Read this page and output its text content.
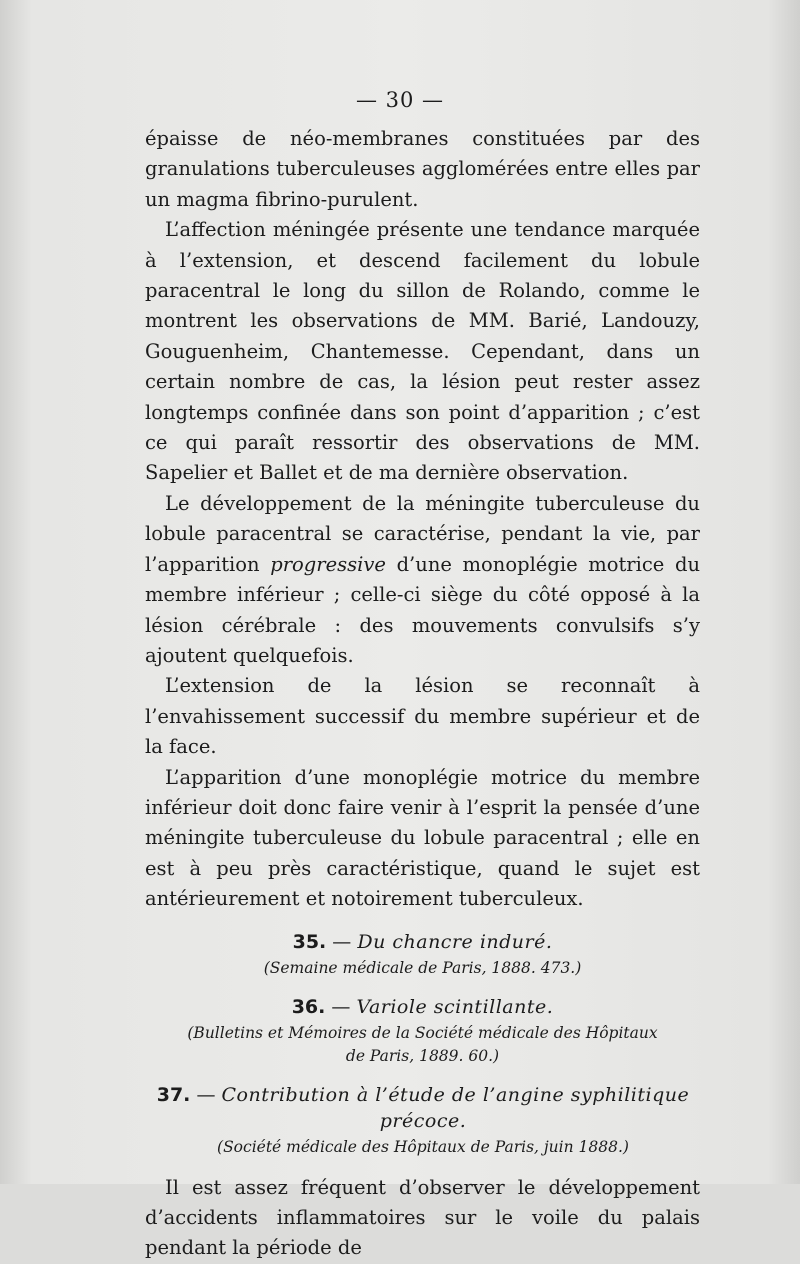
— 30 —

épaisse de néo-membranes constituées par des granulations tuberculeuses agglomérées entre elles par un magma fibrino-purulent.

L’affection méningée présente une tendance marquée à l’extension, et descend facilement du lobule paracentral le long du sillon de Rolando, comme le montrent les observations de MM. Barié, Landouzy, Gouguenheim, Chantemesse. Cependant, dans un certain nombre de cas, la lésion peut rester assez longtemps confinée dans son point d’apparition ; c’est ce qui paraît ressortir des observations de MM. Sapelier et Ballet et de ma dernière observation.

Le développement de la méningite tuberculeuse du lobule paracentral se caractérise, pendant la vie, par l’apparition progressive d’une monoplégie motrice du membre inférieur ; celle-ci siège du côté opposé à la lésion cérébrale : des mouvements convulsifs s’y ajoutent quelquefois.

L’extension de la lésion se reconnaît à l’envahissement successif du membre supérieur et de la face.

L’apparition d’une monoplégie motrice du membre inférieur doit donc faire venir à l’esprit la pensée d’une méningite tuberculeuse du lobule paracentral ; elle en est à peu près caractéristique, quand le sujet est antérieurement et notoirement tuberculeux.

35. — Du chancre induré.

(Semaine médicale de Paris, 1888. 473.)

36. — Variole scintillante.

(Bulletins et Mémoires de la Société médicale des Hôpitaux

de Paris, 1889. 60.)

37. — Contribution à l’étude de l’angine syphilitique précoce.

(Société médicale des Hôpitaux de Paris, juin 1888.)

Il est assez fréquent d’observer le développement d’accidents inflammatoires sur le voile du palais pendant la période de
